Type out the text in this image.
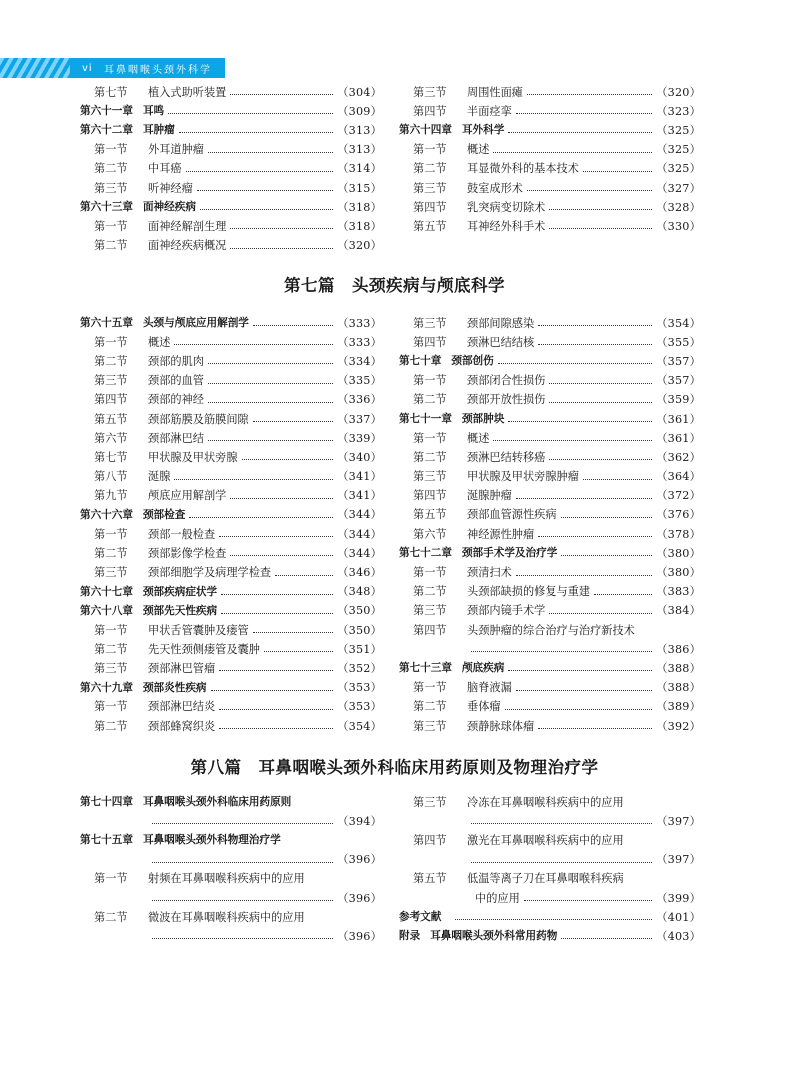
vi 耳鼻咽喉头颈外科学
第七节	植入式助听装置	（304）
第六十一章 耳鸣	（309）
第六十二章 耳肿瘤	（313）
第一节	外耳道肿瘤	（313）
第二节	中耳癌	（314）
第三节	听神经瘤	（315）
第六十三章 面神经疾病	（318）
第一节	面神经解剖生理	（318）
第二节	面神经疾病概况	（320）
第三节	周围性面瘫	（320）
第四节	半面痉挛	（323）
第六十四章 耳外科学	（325）
第一节	概述	（325）
第二节	耳显微外科的基本技术	（325）
第三节	鼓室成形术	（327）
第四节	乳突病变切除术	（328）
第五节	耳神经外科手术	（330）
第七篇　头颈疾病与颅底科学
第六十五章 头颈与颅底应用解剖学	（333）
第一节	概述	（333）
第二节	颈部的肌肉	（334）
第三节	颈部的血管	（335）
第四节	颈部的神经	（336）
第五节	颈部筋膜及筋膜间隙	（337）
第六节	颈部淋巴结	（339）
第七节	甲状腺及甲状旁腺	（340）
第八节	涎腺	（341）
第九节	颅底应用解剖学	（341）
第六十六章 颈部检查	（344）
第一节	颈部一般检查	（344）
第二节	颈部影像学检查	（344）
第三节	颈部细胞学及病理学检查	（346）
第六十七章 颈部疾病症状学	（348）
第六十八章 颈部先天性疾病	（350）
第一节	甲状舌管囊肿及瘘管	（350）
第二节	先天性颈侧瘘管及囊肿	（351）
第三节	颈部淋巴管瘤	（352）
第六十九章 颈部炎性疾病	（353）
第一节	颈部淋巴结炎	（353）
第二节	颈部蜂窝织炎	（354）
第三节	颈部间隙感染	（354）
第四节	颈淋巴结结核	（355）
第七十章 颈部创伤	（357）
第一节	颈部闭合性损伤	（357）
第二节	颈部开放性损伤	（359）
第七十一章 颈部肿块	（361）
第一节	概述	（361）
第二节	颈淋巴结转移癌	（362）
第三节	甲状腺及甲状旁腺肿瘤	（364）
第四节	涎腺肿瘤	（372）
第五节	颈部血管源性疾病	（376）
第六节	神经源性肿瘤	（378）
第七十二章 颈部手术学及治疗学	（380）
第一节	颈清扫术	（380）
第二节	头颈部缺损的修复与重建	（383）
第三节	颈部内镜手术学	（384）
第四节	头颈肿瘤的综合治疗与治疗新技术
（386）
第七十三章 颅底疾病	（388）
第一节	脑脊液漏	（388）
第二节	垂体瘤	（389）
第三节	颈静脉球体瘤	（392）
第八篇　耳鼻咽喉头颈外科临床用药原则及物理治疗学
第七十四章 耳鼻咽喉头颈外科临床用药原则
（394）
第七十五章 耳鼻咽喉头颈外科物理治疗学
（396）
第一节	射频在耳鼻咽喉科疾病中的应用
（396）
第二节	微波在耳鼻咽喉科疾病中的应用
（396）
第三节	冷冻在耳鼻咽喉科疾病中的应用
（397）
第四节	激光在耳鼻咽喉科疾病中的应用
（397）
第五节	低温等离子刀在耳鼻咽喉科疾病
中的应用	（399）
参考文献	（401）
附录 耳鼻咽喉头颈外科常用药物	（403）
